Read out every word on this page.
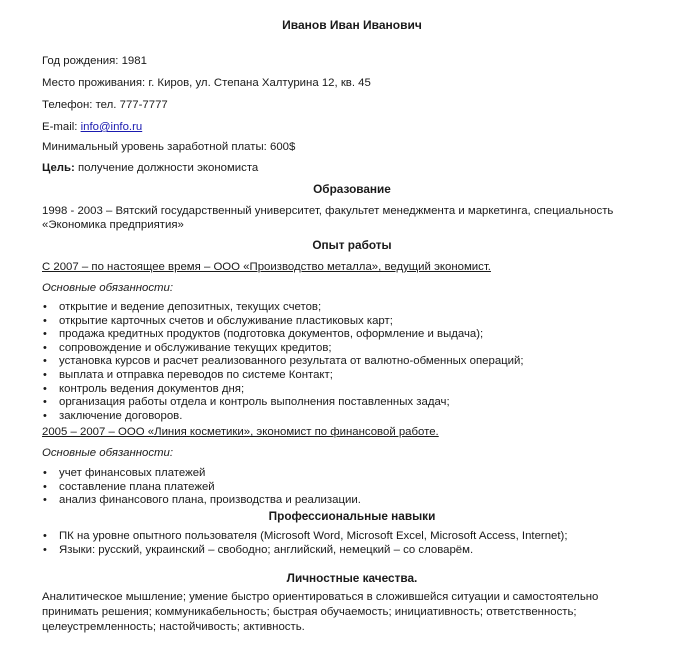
Иванов Иван Иванович
Год рождения: 1981
Место проживания: г. Киров, ул. Степана Халтурина 12, кв. 45
Телефон: тел. 777-7777
E-mail: info@info.ru
Минимальный уровень заработной платы: 600$
Цель: получение должности экономиста
Образование
1998 - 2003 – Вятский государственный университет, факультет менеджмента и маркетинга, специальность
«Экономика предприятия»
Опыт работы
С 2007 – по настоящее время – ООО «Производство металла», ведущий экономист.
Основные обязанности:
• открытие и ведение депозитных, текущих счетов;
• открытие карточных счетов и обслуживание пластиковых карт;
• продажа кредитных продуктов (подготовка документов, оформление и выдача);
• сопровождение и обслуживание текущих кредитов;
• установка курсов и расчет реализованного результата от валютно-обменных операций;
• выплата и отправка переводов по системе Контакт;
• контроль ведения документов дня;
• организация работы отдела и контроль выполнения поставленных задач;
• заключение договоров.
2005 – 2007 – ООО «Линия косметики», экономист по финансовой работе.
Основные обязанности:
• учет финансовых платежей
• составление плана платежей
• анализ финансового плана, производства и реализации.
Профессиональные навыки
• ПК на уровне опытного пользователя (Microsoft Word, Microsoft Excel, Microsoft Access, Internet);
• Языки: русский, украинский – свободно; английский, немецкий – со словарём.
Личностные качества.
Аналитическое мышление; умение быстро ориентироваться в сложившейся ситуации и самостоятельно принимать решения; коммуникабельность; быстрая обучаемость; инициативность; ответственность; целеустремленность; настойчивость; активность.
